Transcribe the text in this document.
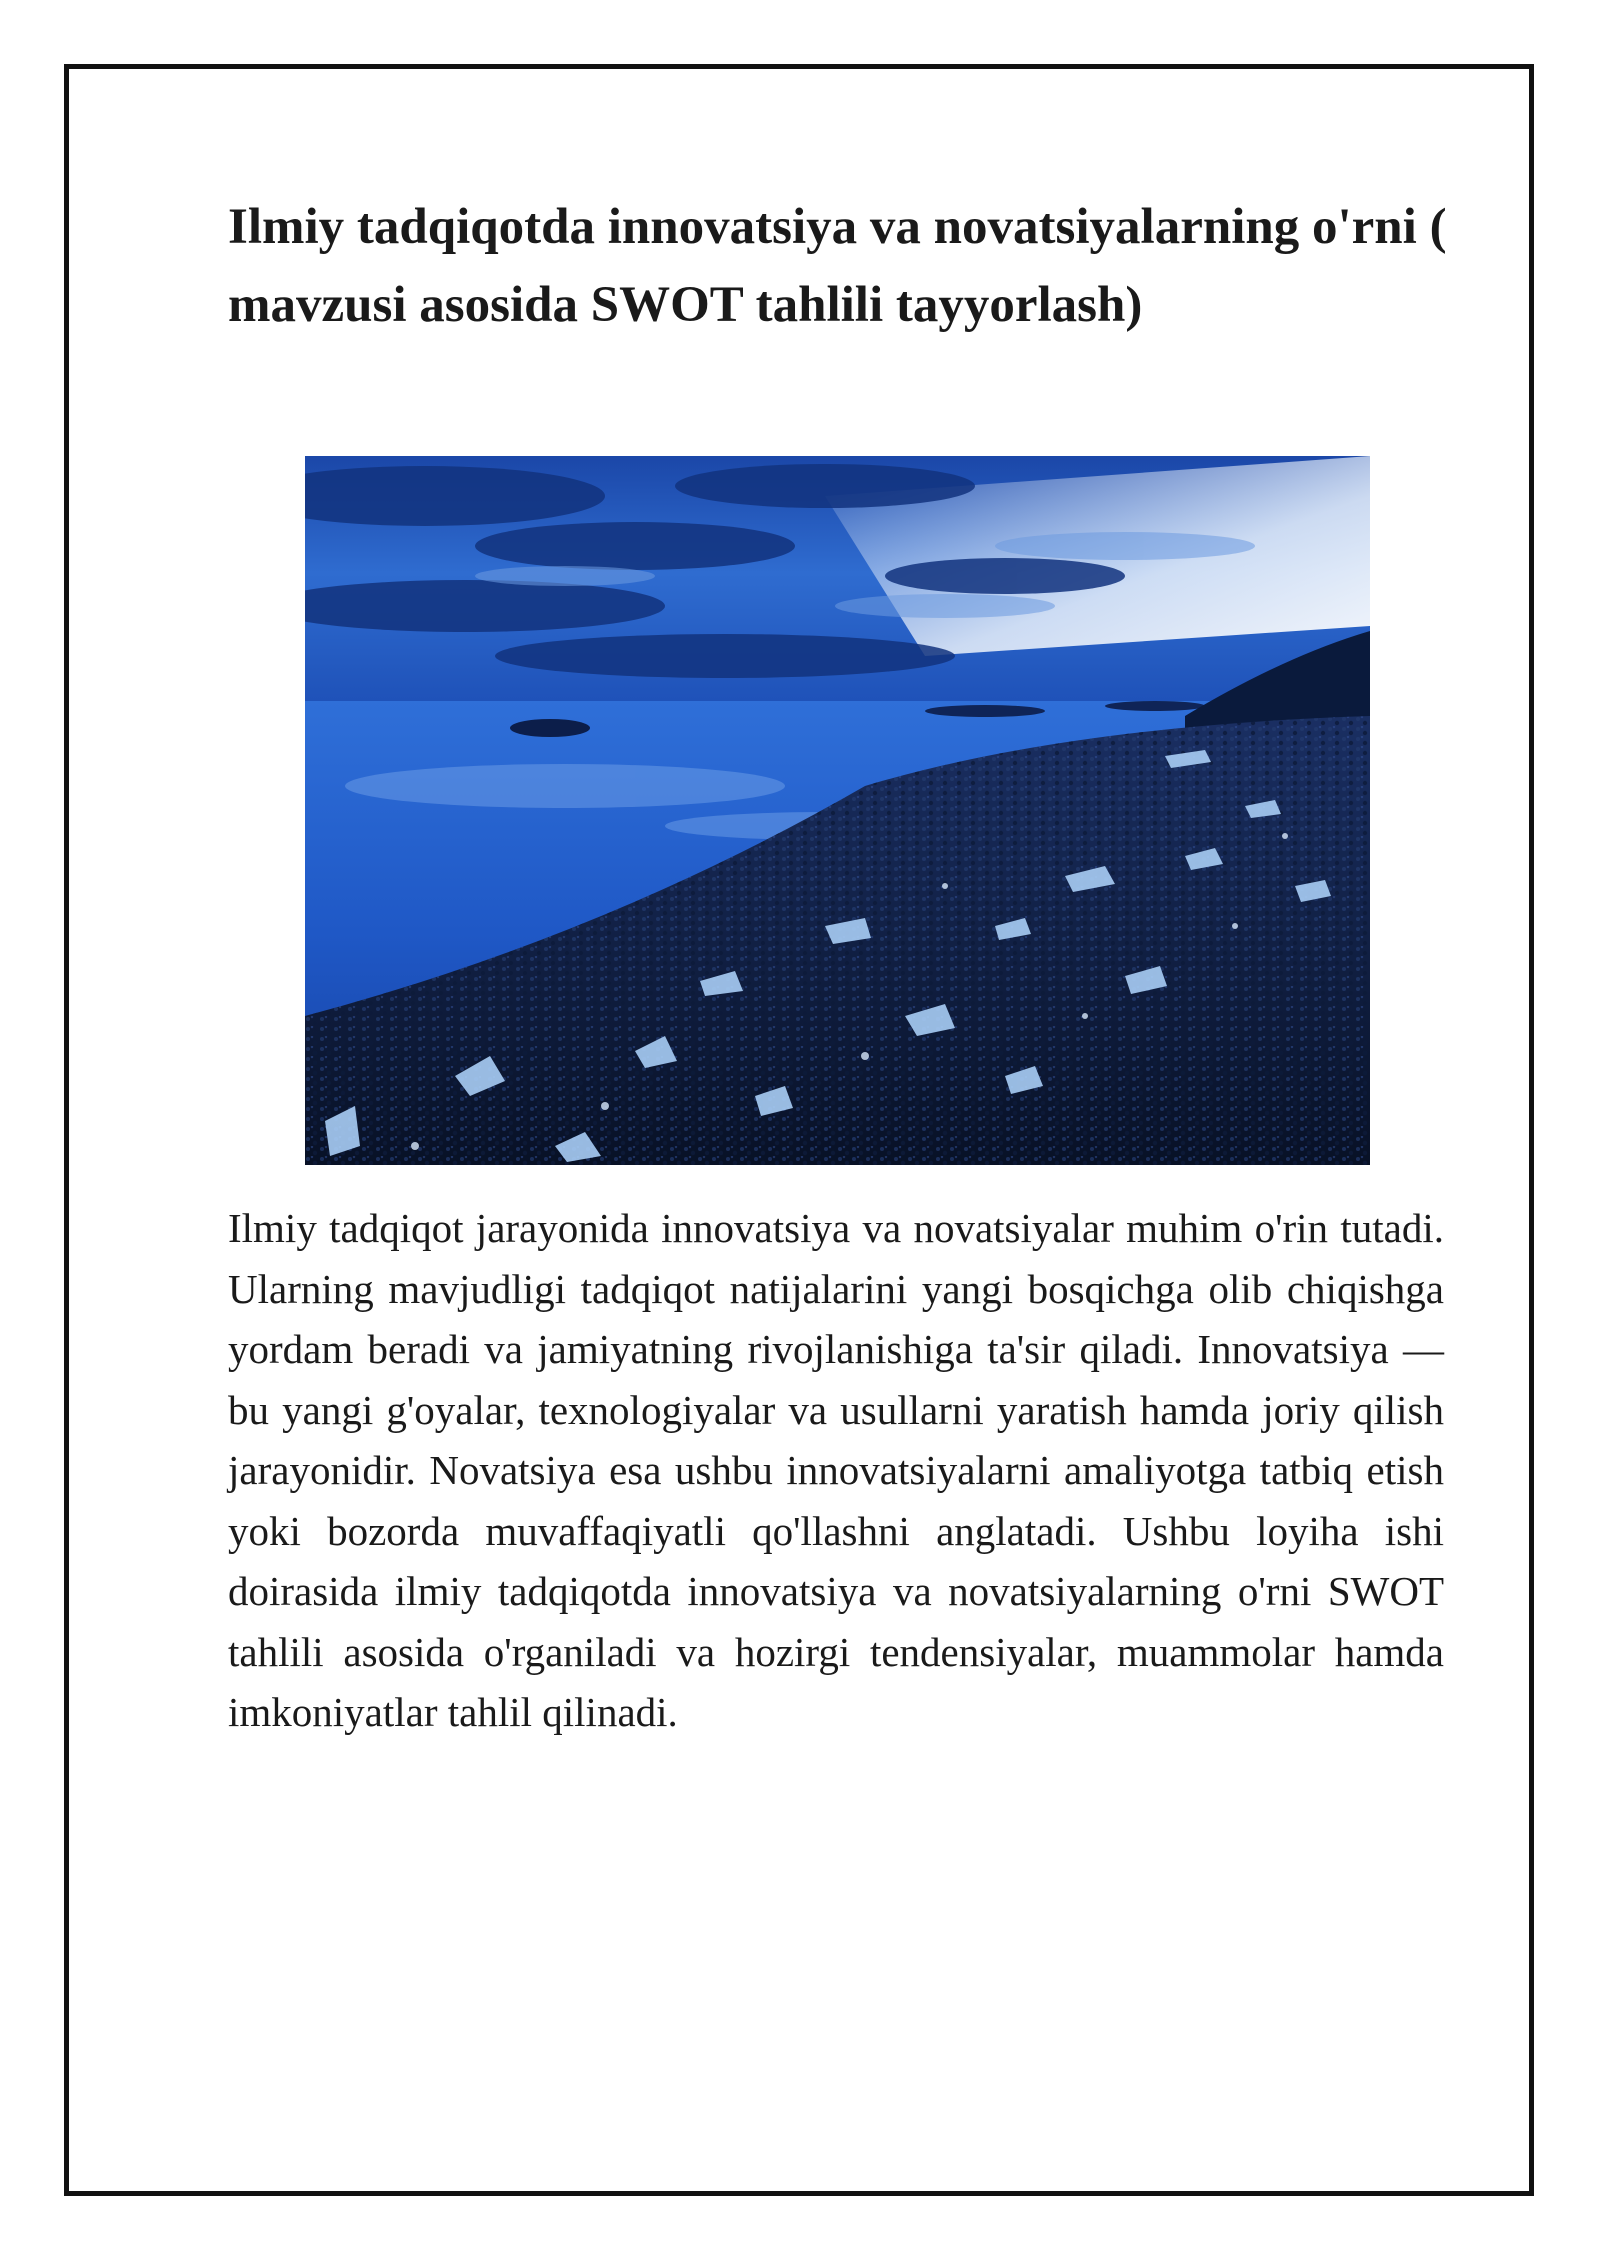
Ilmiy tadqiqotda innovatsiya va novatsiyalarning o'rni ( mavzusi asosida SWOT tahlili tayyorlash)

Ilmiy tadqiqot jarayonida innovatsiya va novatsiyalar muhim o'rin tutadi. Ularning mavjudligi tadqiqot natijalarini yangi bosqichga olib chiqishga yordam beradi va jamiyatning rivojlanishiga ta'sir qiladi. Innovatsiya — bu yangi g'oyalar, texnologiyalar va usullarni yaratish hamda joriy qilish jarayonidir. Novatsiya esa ushbu innovatsiyalarni amaliyotga tatbiq etish yoki bozorda muvaffaqiyatli qo'llashni anglatadi. Ushbu loyiha ishi doirasida ilmiy tadqiqotda innovatsiya va novatsiyalarning o'rni SWOT tahlili asosida o'rganiladi va hozirgi tendensiyalar, muammolar hamda imkoniyatlar tahlil qilinadi.
